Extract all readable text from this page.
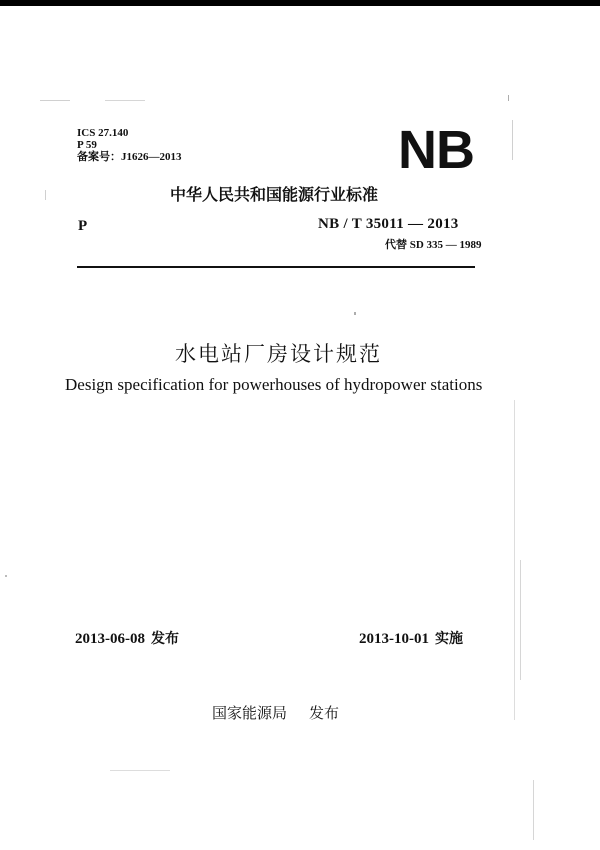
ICS 27.140
P 59
备案号：J1626—2013	NB
中华人民共和国能源行业标准
P	NB / T 35011 — 2013
代替 SD 335 — 1989
水电站厂房设计规范
Design specification for powerhouses of hydropower stations
2013-06-08 发布	2013-10-01 实施
国家能源局 发布
